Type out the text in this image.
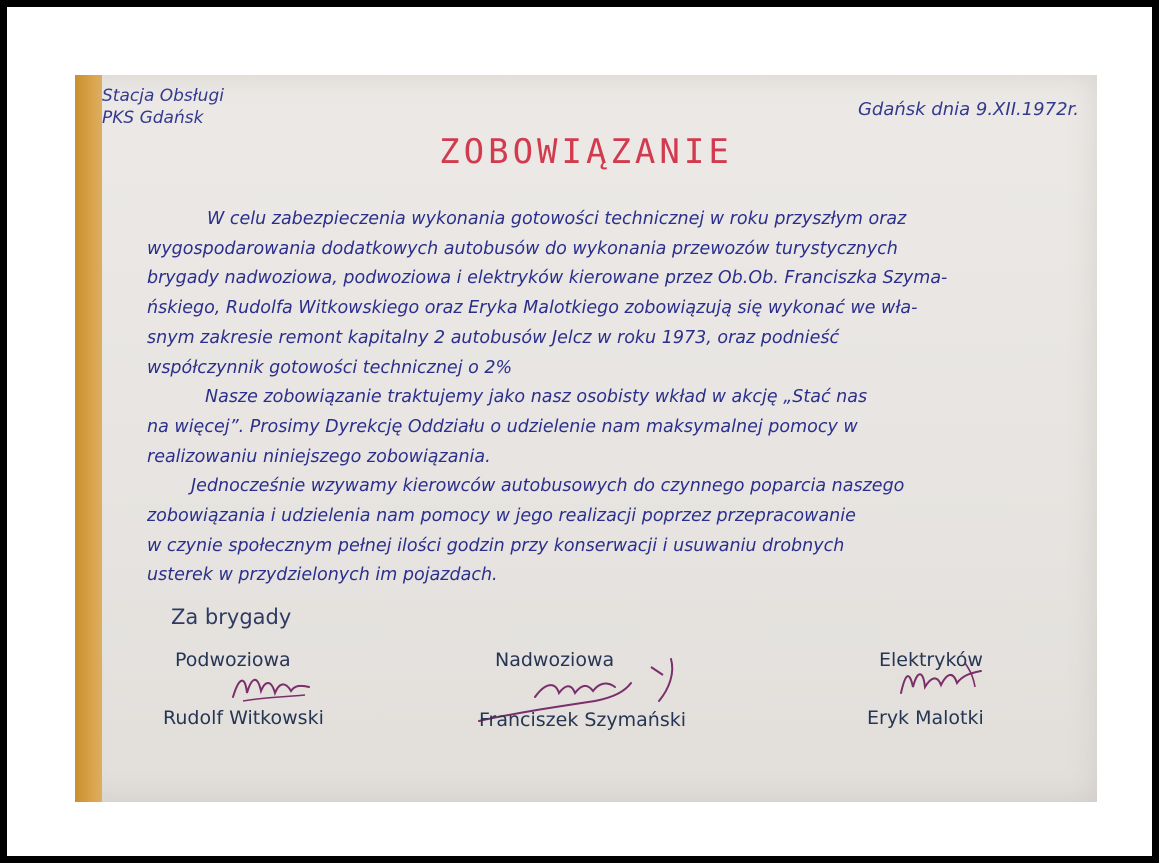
Stacja Obsługi
PKS Gdańsk	Gdańsk dnia 9.XII.1972r.
ZOBOWIĄZANIE
W celu zabezpieczenia wykonania gotowości technicznej w roku przyszłym oraz
wygospodarowania dodatkowych autobusów do wykonania przewozów turystycznych
brygady nadwoziowa, podwoziowa i elektryków kierowane przez Ob.Ob. Franciszka Szyma-
ńskiego, Rudolfa Witkowskiego oraz Eryka Malotkiego zobowiązują się wykonać we wła-
snym zakresie remont kapitalny 2 autobusów Jelcz w roku 1973, oraz podnieść
współczynnik gotowości technicznej o 2%
Nasze zobowiązanie traktujemy jako nasz osobisty wkład w akcję „Stać nas
na więcej”. Prosimy Dyrekcję Oddziału o udzielenie nam maksymalnej pomocy w
realizowaniu niniejszego zobowiązania.
Jednocześnie wzywamy kierowców autobusowych do czynnego poparcia naszego
zobowiązania i udzielenia nam pomocy w jego realizacji poprzez przepracowanie
w czynie społecznym pełnej ilości godzin przy konserwacji i usuwaniu drobnych
usterek w przydzielonych im pojazdach.
Za brygady
Podwoziowa
Rudolf Witkowski
Nadwoziowa
Franciszek Szymański
Elektryków
Eryk Malotki
